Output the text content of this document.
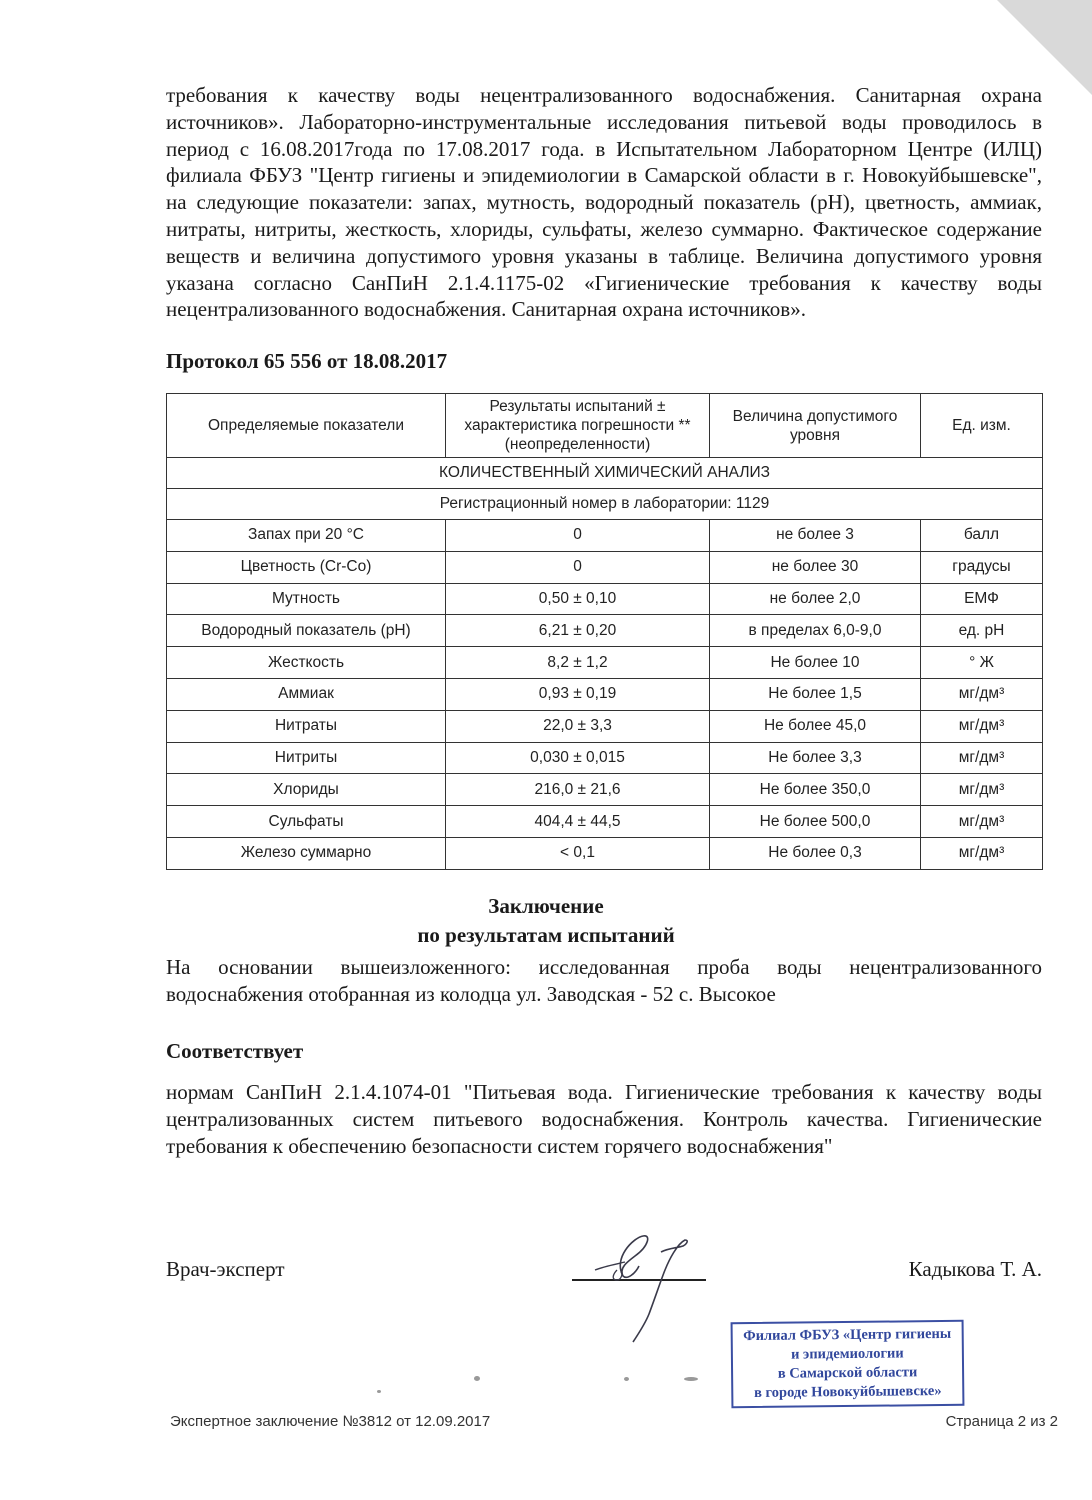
требования к качеству воды нецентрализованного водоснабжения. Санитарная охрана источников». Лабораторно-инструментальные исследования питьевой воды проводилось в период с 16.08.2017года по 17.08.2017 года. в Испытательном Лабораторном Центре (ИЛЦ) филиала ФБУЗ "Центр гигиены и эпидемиологии в Самарской области в г. Новокуйбышевске", на следующие показатели: запах, мутность, водородный показатель (рН), цветность, аммиак, нитраты, нитриты, жесткость, хлориды, сульфаты, железо суммарно. Фактическое содержание веществ и величина допустимого уровня указаны в таблице. Величина допустимого уровня указана согласно СанПиН 2.1.4.1175-02 «Гигиенические требования к качеству воды нецентрализованного водоснабжения. Санитарная охрана источников».

Протокол 65 556 от 18.08.2017
Определяемые показатели	Результаты испытаний ± характеристика погрешности **(неопределенности)	Величина допустимого уровня	Ед. изм.
КОЛИЧЕСТВЕННЫЙ ХИМИЧЕСКИЙ АНАЛИЗ			
Регистрационный номер в лаборатории: 1129			
Запах при 20 °С	0	не более 3	балл
Цветность (Cr-Co)	0	не более 30	градусы
Мутность	0,50 ± 0,10	не более 2,0	ЕМФ
Водородный показатель (рН)	6,21 ± 0,20	в пределах 6,0-9,0	ед. рН
Жесткость	8,2 ± 1,2	Не более 10	° Ж
Аммиак	0,93 ± 0,19	Не более 1,5	мг/дм³
Нитраты	22,0 ± 3,3	Не более 45,0	мг/дм³
Нитриты	0,030 ± 0,015	Не более 3,3	мг/дм³
Хлориды	216,0 ± 21,6	Не более 350,0	мг/дм³
Сульфаты	404,4 ± 44,5	Не более 500,0	мг/дм³
Железо суммарно	< 0,1	Не более 0,3	мг/дм³
Заключение
по результатам испытаний

На основании вышеизложенного: исследованная проба воды нецентрализованного водоснабжения отобранная из колодца ул. Заводская - 52 с. Высокое

Соответствует

нормам СанПиН 2.1.4.1074-01 "Питьевая вода. Гигиенические требования к качеству воды централизованных систем питьевого водоснабжения. Контроль качества. Гигиенические требования к обеспечению безопасности систем горячего водоснабжения"

Врач-эксперт	Кадыкова Т. А.
Филиал ФБУЗ «Центр гигиены
и эпидемиологии
в Самарской области
в городе Новокуйбышевске»
Экспертное заключение №3812 от 12.09.2017	Страница 2 из 2
